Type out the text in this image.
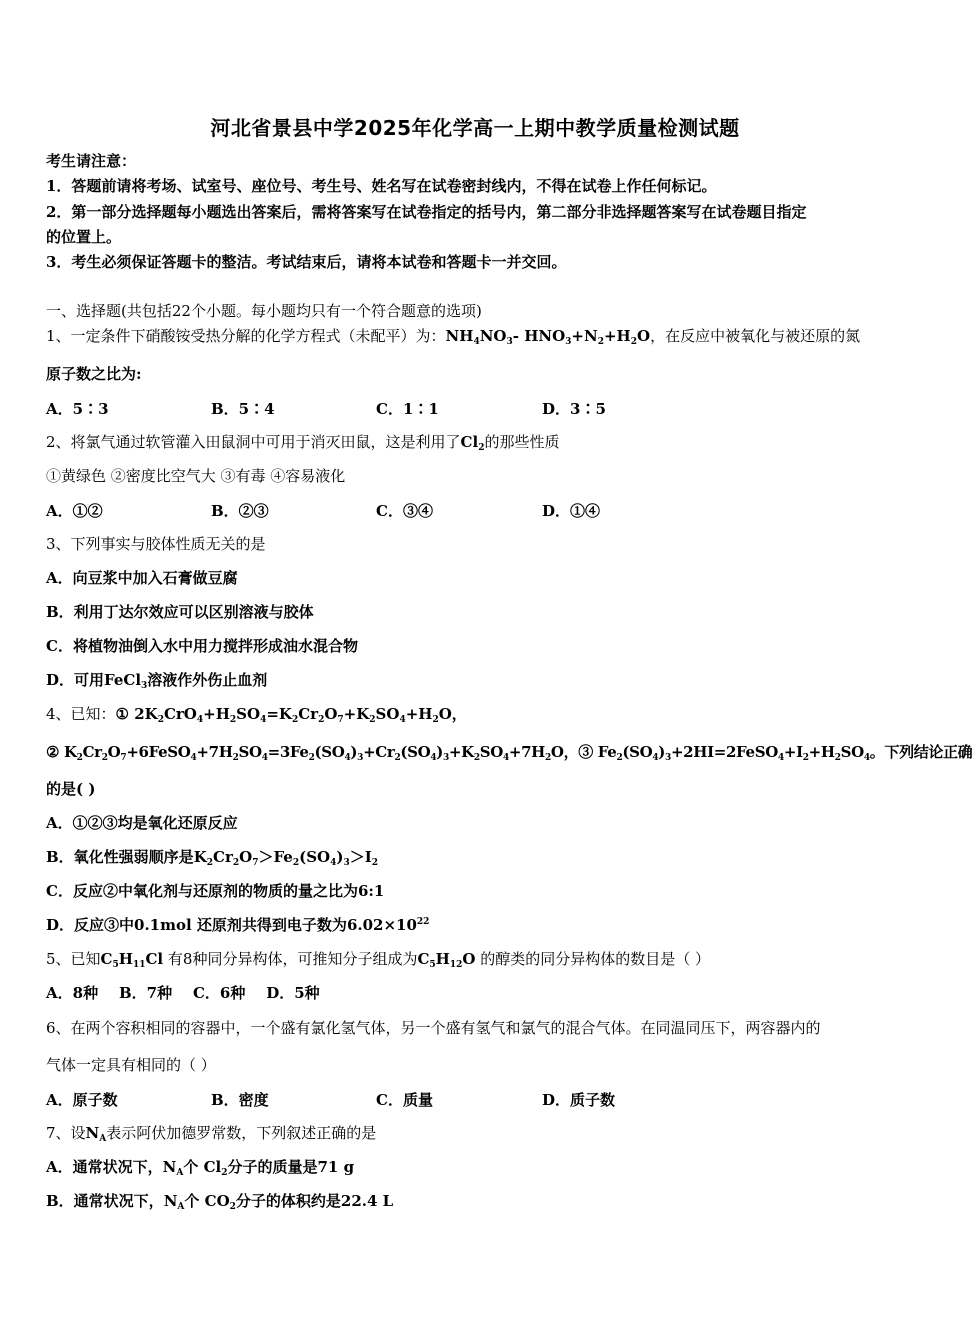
河北省景县中学2025年化学高一上期中教学质量检测试题
考生请注意：
1．答题前请将考场、试室号、座位号、考生号、姓名写在试卷密封线内，不得在试卷上作任何标记。
2．第一部分选择题每小题选出答案后，需将答案写在试卷指定的括号内，第二部分非选择题答案写在试卷题目指定
的位置上。
3．考生必须保证答题卡的整洁。考试结束后，请将本试卷和答题卡一并交回。
一、选择题(共包括22个小题。每小题均只有一个符合题意的选项)
1、一定条件下硝酸铵受热分解的化学方程式（未配平）为：$NH_4NO_3-$ $HNO_3+N_2+H_2O$，在反应中被氧化与被还原的氮
原子数之比为:
A．5∶3	B．5∶4	C．1∶1	D．3∶5
2、将氯气通过软管灌入田鼠洞中可用于消灭田鼠，这是利用了$Cl_2$的那些性质
①黄绿色 ②密度比空气大 ③有毒 ④容易液化
A．①②	B．②③	C．③④	D．①④
3、下列事实与胶体性质无关的是
A．向豆浆中加入石膏做豆腐
B．利用丁达尔效应可以区别溶液与胶体
C．将植物油倒入水中用力搅拌形成油水混合物
D．可用FeCl$_3$溶液作外伤止血剂
4、已知：① $2K_2CrO_4+H_2SO_4=K_2Cr_2O_7+K_2SO_4+H_2O$，
② $K_2Cr_2O_7+6FeSO_4+7H_2SO_4=3Fe_2(SO_4)_3+Cr_2(SO_4)_3+K_2SO_4+7H_2O$，③ $Fe_2(SO_4)_3+2HI=2FeSO_4+I_2+H_2SO_4$。下列结论正确
的是( )
A．①②③均是氧化还原反应
B．氧化性强弱顺序是$K_2Cr_2O_7>Fe_2(SO_4)_3>I_2$
C．反应②中氧化剂与还原剂的物质的量之比为6:1
D．反应③中0.1mol 还原剂共得到电子数为$6.02\times 10^{22}$
5、已知$C_5H_{11}Cl$ 有8种同分异构体，可推知分子组成为$C_5H_{12}O$ 的醇类的同分异构体的数目是（ ）
A．8种    B．7种    C．6种    D．5种
6、在两个容积相同的容器中，一个盛有氯化氢气体，另一个盛有氢气和氯气的混合气体。在同温同压下，两容器内的
气体一定具有相同的（ ）
A．原子数	B．密度	C．质量	D．质子数
7、设$N_A$表示阿伏加德罗常数，下列叙述正确的是
A．通常状况下，$N_A$个 $Cl_2$分子的质量是71 g
B．通常状况下，$N_A$个 $CO_2$分子的体积约是22.4 L
